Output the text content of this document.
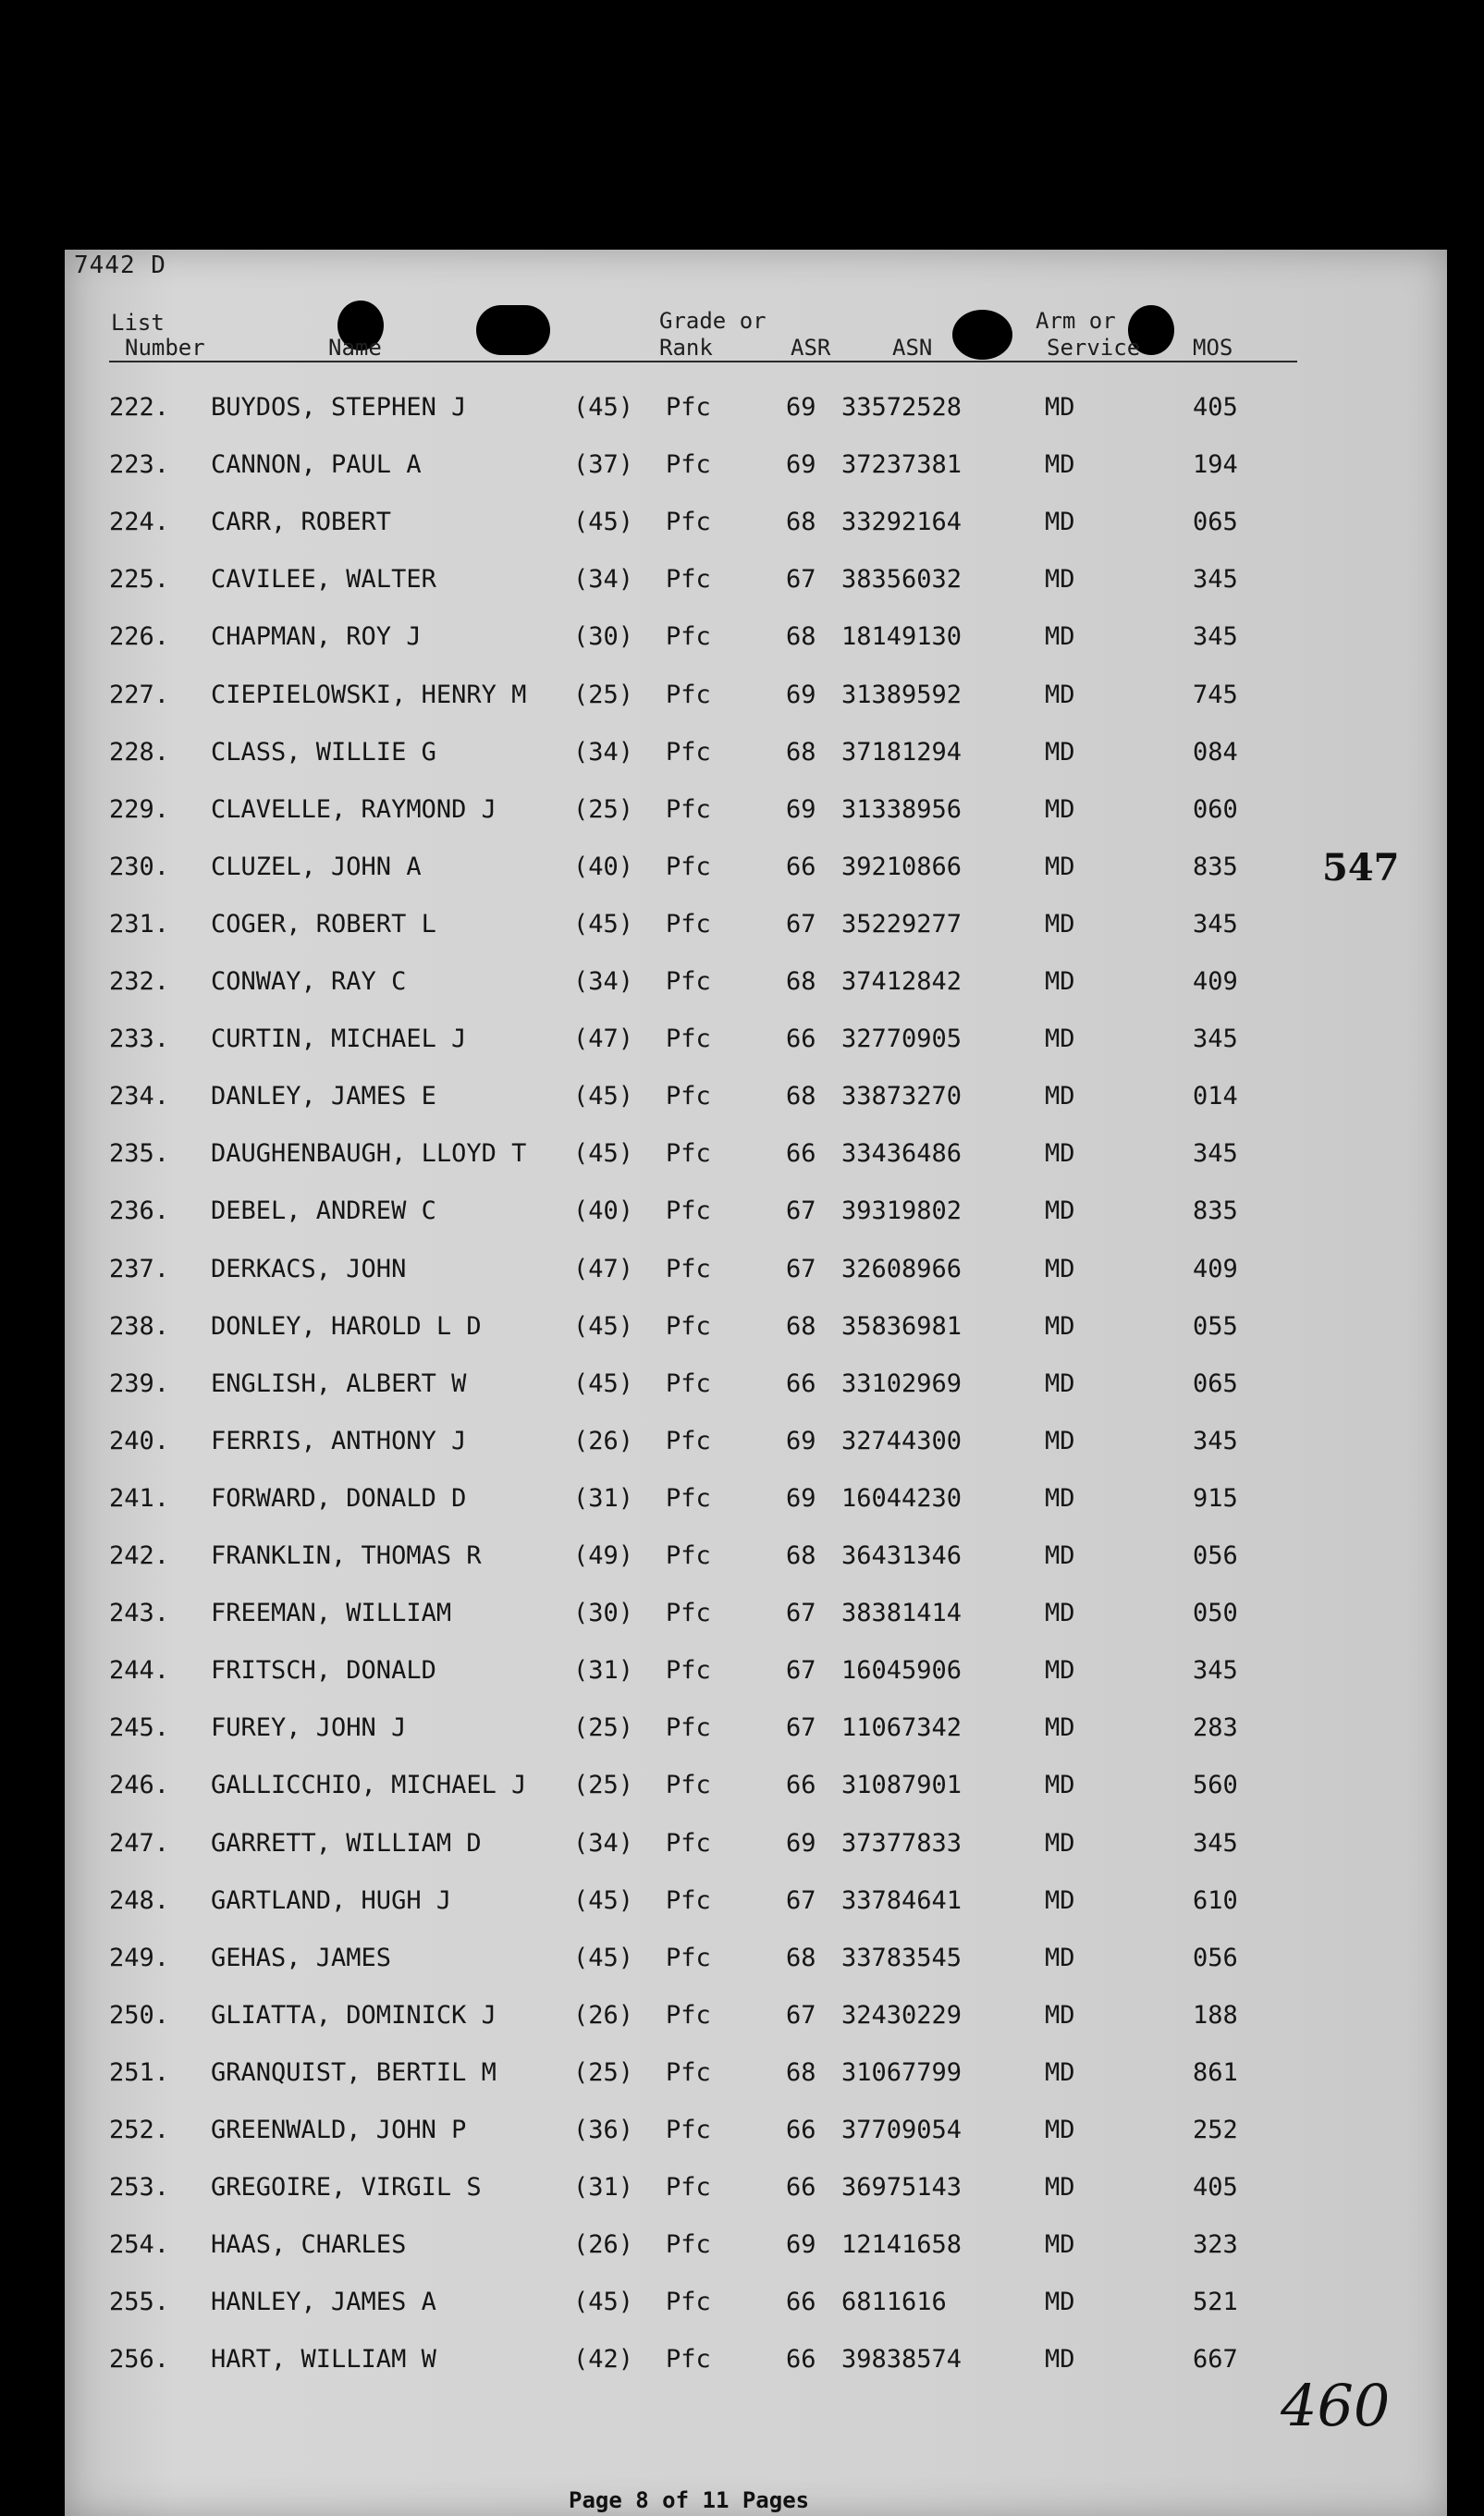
7442 D
List
Number	Name
Grade or
Rank	ASR	ASN
Arm or
Service MOS
222. BUYDOS, STEPHEN J	(45) Pfc	69 33572528	MD	405
223. CANNON, PAUL A	(37) Pfc	69 37237381	MD	194
224. CARR, ROBERT	(45) Pfc	68 33292164	MD	065
225. CAVILEE, WALTER	(34) Pfc	67 38356032	MD	345
226. CHAPMAN, ROY J	(30) Pfc	68 18149130	MD	345
227. CIEPIELOWSKI, HENRY M (25) Pfc	69 31389592	MD	745
228. CLASS, WILLIE G	(34) Pfc	68 37181294	MD	084
229. CLAVELLE, RAYMOND J	(25) Pfc	69 31338956	MD	060
230. CLUZEL, JOHN A	(40) Pfc	66 39210866	MD	835
231. COGER, ROBERT L	(45) Pfc	67 35229277	MD	345
232. CONWAY, RAY C	(34) Pfc	68 37412842	MD	409
233. CURTIN, MICHAEL J	(47) Pfc	66 32770905	MD	345
234. DANLEY, JAMES E	(45) Pfc	68 33873270	MD	014
235. DAUGHENBAUGH, LLOYD T (45) Pfc	66 33436486	MD	345
236. DEBEL, ANDREW C	(40) Pfc	67 39319802	MD	835
237. DERKACS, JOHN	(47) Pfc	67 32608966	MD	409
238. DONLEY, HAROLD L D	(45) Pfc	68 35836981	MD	055
239. ENGLISH, ALBERT W	(45) Pfc	66 33102969	MD	065
240. FERRIS, ANTHONY J	(26) Pfc	69 32744300	MD	345
241. FORWARD, DONALD D	(31) Pfc	69 16044230	MD	915
242. FRANKLIN, THOMAS R	(49) Pfc	68 36431346	MD	056
243. FREEMAN, WILLIAM	(30) Pfc	67 38381414	MD	050
244. FRITSCH, DONALD	(31) Pfc	67 16045906	MD	345
245. FUREY, JOHN J	(25) Pfc	67 11067342	MD	283
246. GALLICCHIO, MICHAEL J (25) Pfc	66 31087901	MD	560
247. GARRETT, WILLIAM D	(34) Pfc	69 37377833	MD	345
248. GARTLAND, HUGH J	(45) Pfc	67 33784641	MD	610
249. GEHAS, JAMES	(45) Pfc	68 33783545	MD	056
250. GLIATTA, DOMINICK J	(26) Pfc	67 32430229	MD	188
251. GRANQUIST, BERTIL M	(25) Pfc	68 31067799	MD	861
252. GREENWALD, JOHN P	(36) Pfc	66 37709054	MD	252
253. GREGOIRE, VIRGIL S	(31) Pfc	66 36975143	MD	405
254. HAAS, CHARLES	(26) Pfc	69 12141658	MD	323
255. HANLEY, JAMES A	(45) Pfc	66 6811616	MD	521
256. HART, WILLIAM W	(42) Pfc	66 39838574	MD	667
547
460
Page 8 of 11 Pages
